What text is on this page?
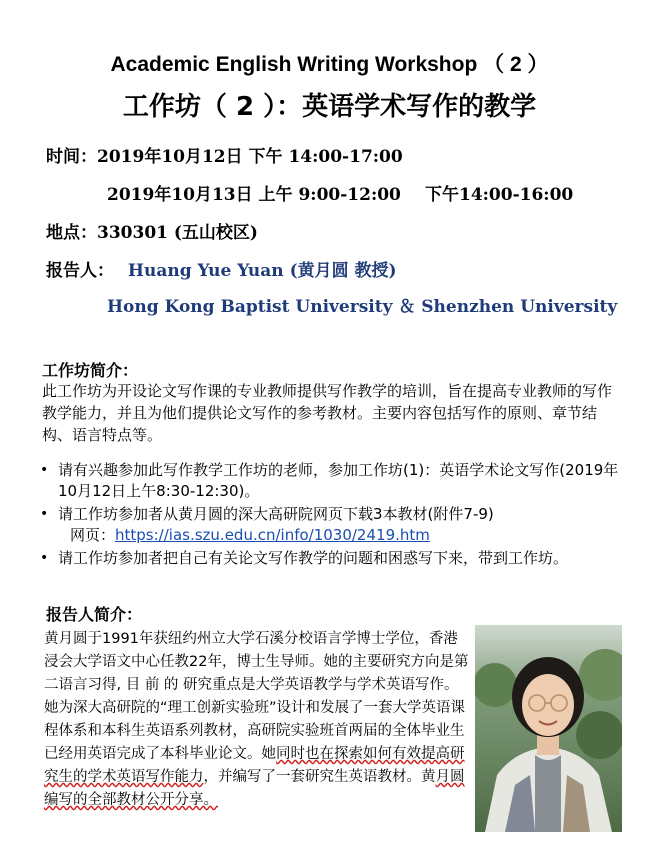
Academic English Writing Workshop （ 2 ）
工作坊（ 2 ）：英语学术写作的教学
时间：2019年10月12日 下午 14:00-17:00
2019年10月13日 上午 9:00-12:00 下午14:00-16:00
地点：330301 (五山校区)
报告人： Huang Yue Yuan (黄月圆 教授)
Hong Kong Baptist University ＆ Shenzhen University
工作坊简介：
此工作坊为开设论文写作课的专业教师提供写作教学的培训，旨在提高专业教师的写作教学能力，并且为他们提供论文写作的参考教材。主要内容包括写作的原则、章节结构、语言特点等。
• 请有兴趣参加此写作教学工作坊的老师，参加工作坊(1)：英语学术论文写作(2019年10月12日上午8:30-12:30)。
• 请工作坊参加者从黄月圆的深大高研院网页下载3本教材(附件7-9)
网页：https://ias.szu.edu.cn/info/1030/2419.htm
• 请工作坊参加者把自己有关论文写作教学的问题和困惑写下来，带到工作坊。
报告人简介：
黄月圆于1991年获纽约州立大学石溪分校语言学博士学位，香港浸会大学语文中心任教22年，博士生导师。她的主要研究方向是第二语言习得, 目 前 的 研究重点是大学英语教学与学术英语写作。她为深大高研院的“理工创新实验班”设计和发展了一套大学英语课程体系和本科生英语系列教材，高研院实验班首两届的全体毕业生已经用英语完成了本科毕业论文。她同时也在探索如何有效提高研究生的学术英语写作能力，并编写了一套研究生英语教材。黄月圆编写的全部教材公开分享。
